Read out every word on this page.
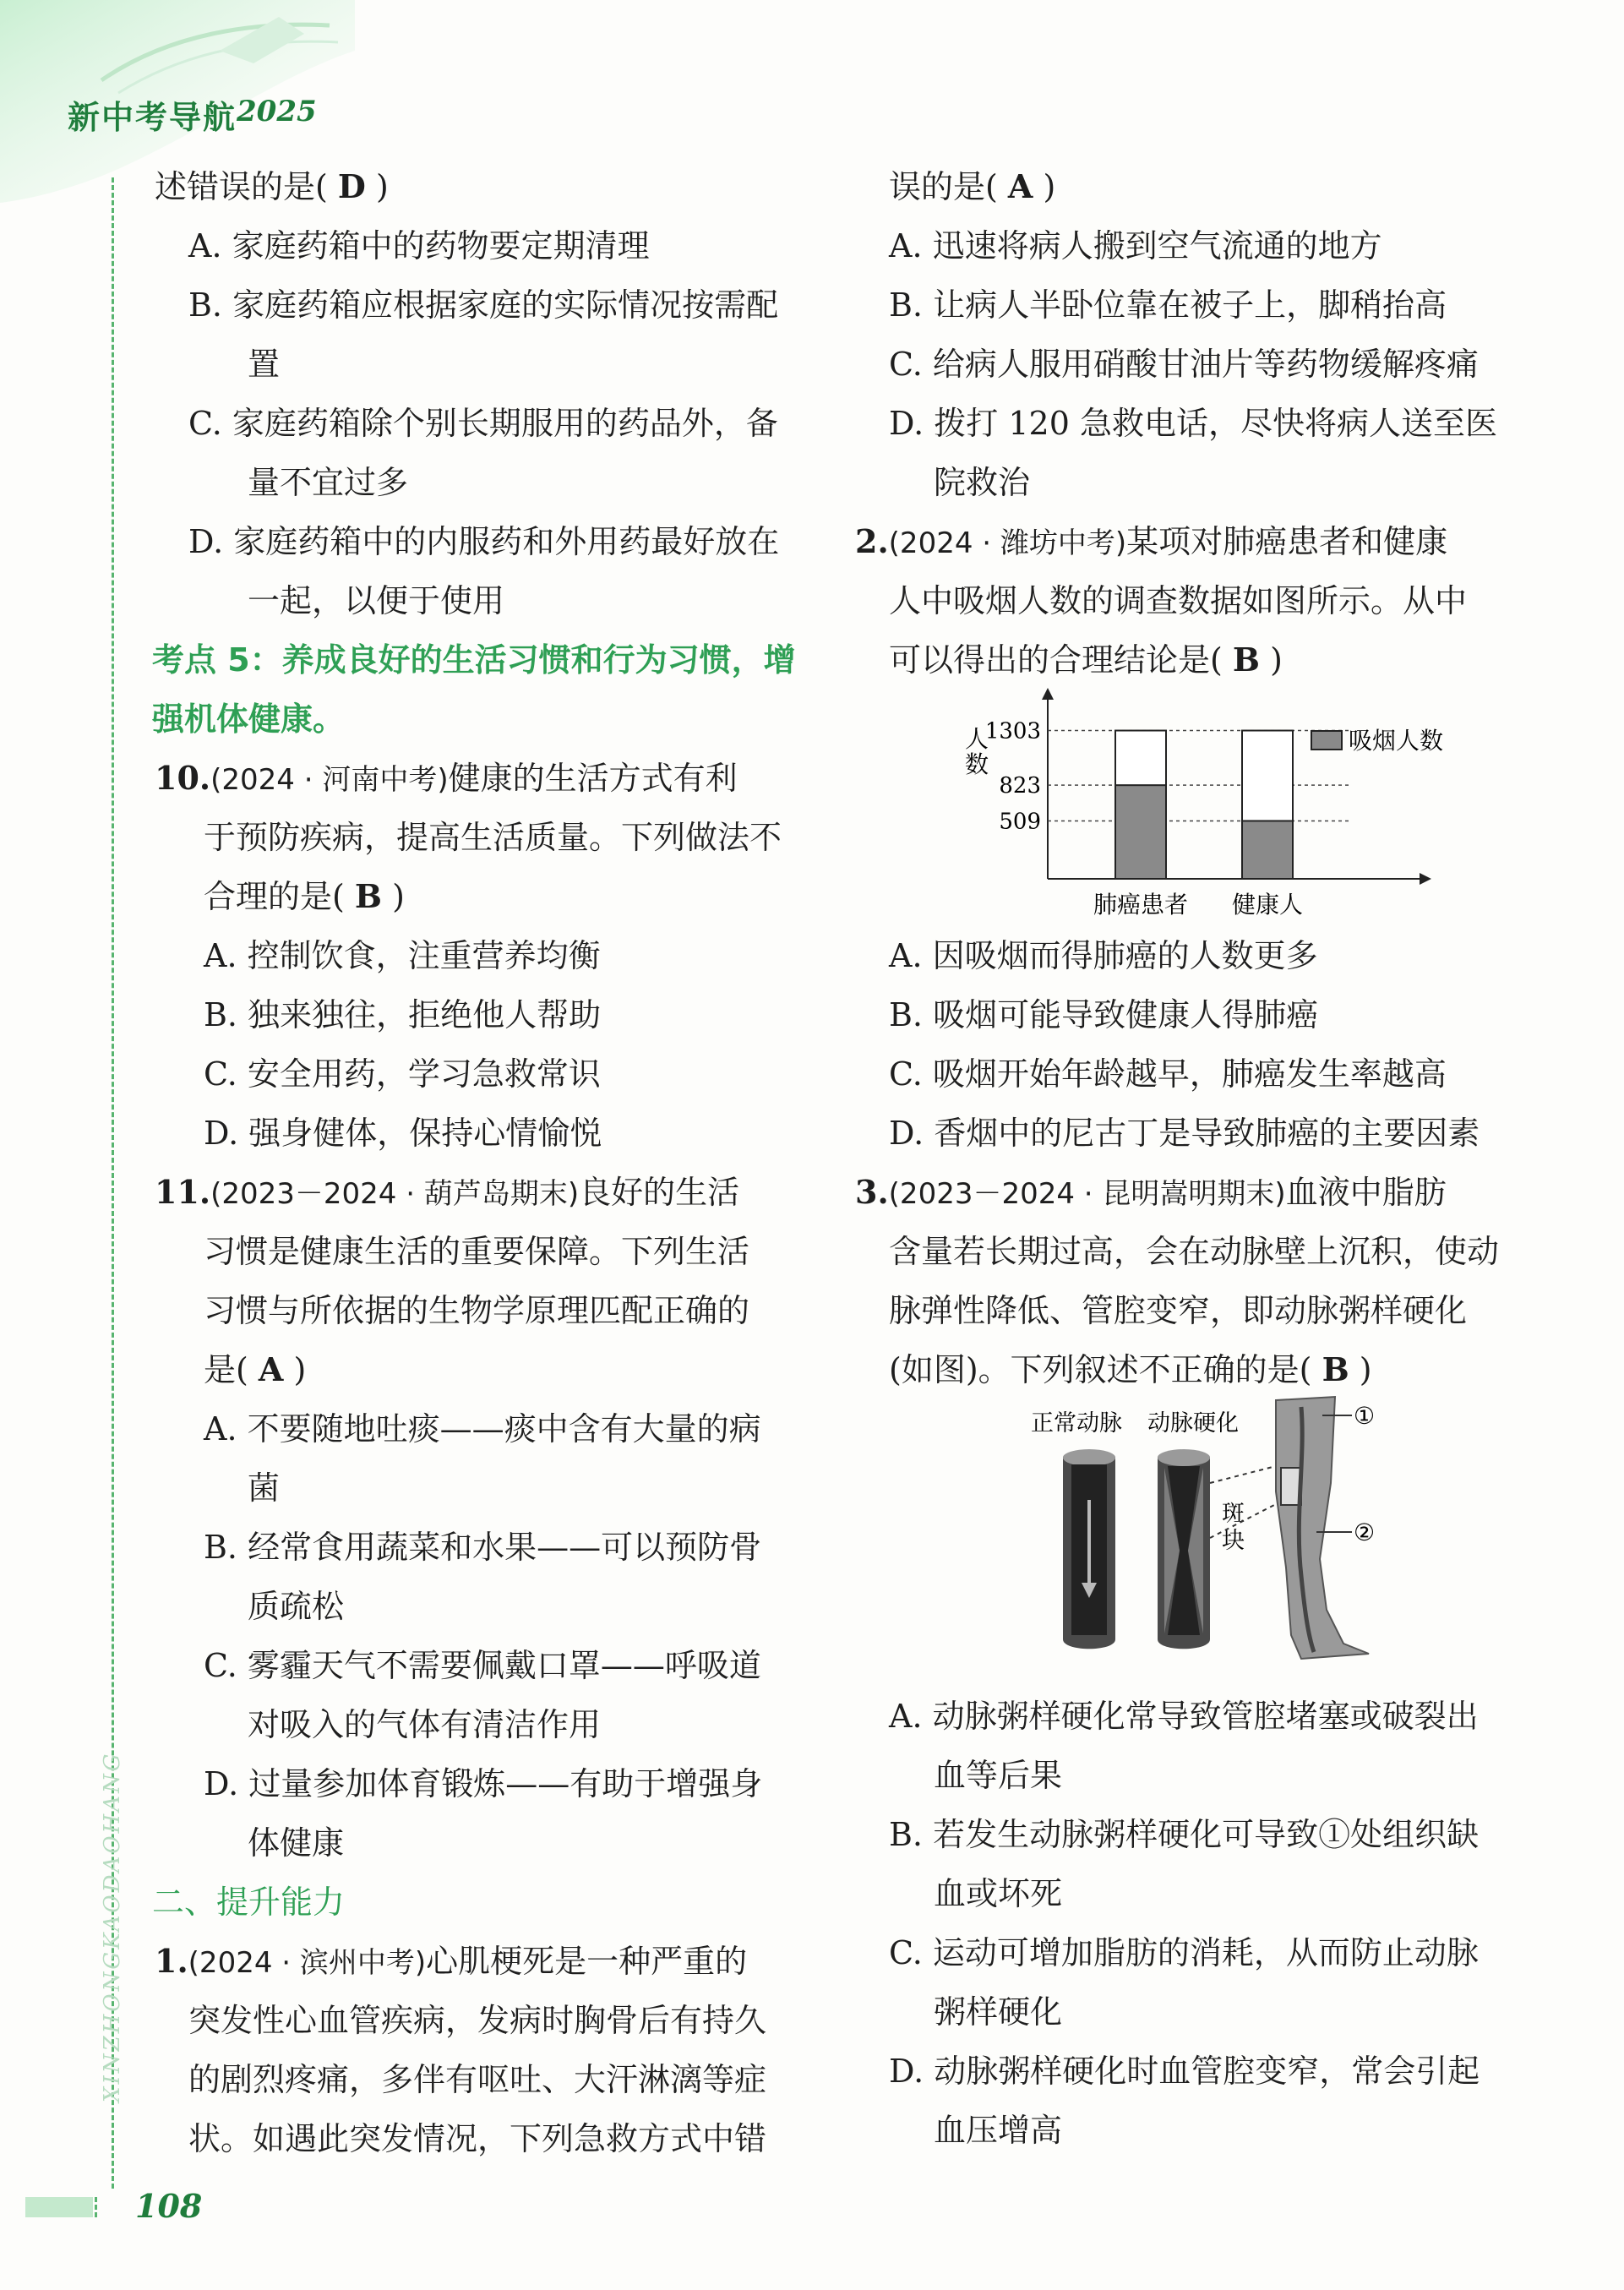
新中考导航 2025
XINZHONGKAODAOHANG
述错误的是( D )
A. 家庭药箱中的药物要定期清理
B. 家庭药箱应根据家庭的实际情况按需配
置
C. 家庭药箱除个别长期服用的药品外，备
量不宜过多
D. 家庭药箱中的内服药和外用药最好放在
一起，以便于使用
考点 5：养成良好的生活习惯和行为习惯，增
强机体健康。
10.(2024 · 河南中考)健康的生活方式有利
于预防疾病，提高生活质量。下列做法不
合理的是( B )
A. 控制饮食，注重营养均衡
B. 独来独往，拒绝他人帮助
C. 安全用药，学习急救常识
D. 强身健体，保持心情愉悦
11.(2023－2024 · 葫芦岛期末)良好的生活
习惯是健康生活的重要保障。下列生活
习惯与所依据的生物学原理匹配正确的
是( A )
A. 不要随地吐痰——痰中含有大量的病
菌
B. 经常食用蔬菜和水果——可以预防骨
质疏松
C. 雾霾天气不需要佩戴口罩——呼吸道
对吸入的气体有清洁作用
D. 过量参加体育锻炼——有助于增强身
体健康
二、提升能力
1.(2024 · 滨州中考)心肌梗死是一种严重的
突发性心血管疾病，发病时胸骨后有持久
的剧烈疼痛，多伴有呕吐、大汗淋漓等症
状。如遇此突发情况，下列急救方式中错
误的是( A )
A. 迅速将病人搬到空气流通的地方
B. 让病人半卧位靠在被子上，脚稍抬高
C. 给病人服用硝酸甘油片等药物缓解疼痛
D. 拨打 120 急救电话，尽快将病人送至医
院救治
2.(2024 · 潍坊中考)某项对肺癌患者和健康
人中吸烟人数的调查数据如图所示。从中
可以得出的合理结论是( B )
A. 因吸烟而得肺癌的人数更多
B. 吸烟可能导致健康人得肺癌
C. 吸烟开始年龄越早，肺癌发生率越高
D. 香烟中的尼古丁是导致肺癌的主要因素
3.(2023－2024 · 昆明嵩明期末)血液中脂肪
含量若长期过高，会在动脉壁上沉积，使动
脉弹性降低、管腔变窄，即动脉粥样硬化
(如图)。下列叙述不正确的是( B )
A. 动脉粥样硬化常导致管腔堵塞或破裂出
血等后果
B. 若发生动脉粥样硬化可导致①处组织缺
血或坏死
C. 运动可增加脂肪的消耗，从而防止动脉
粥样硬化
D. 动脉粥样硬化时血管腔变窄，常会引起
血压增高
509
823
1303
肺癌患者 健康人
人
数
吸烟人数
正常动脉 动脉硬化
斑
块
①
②
108
